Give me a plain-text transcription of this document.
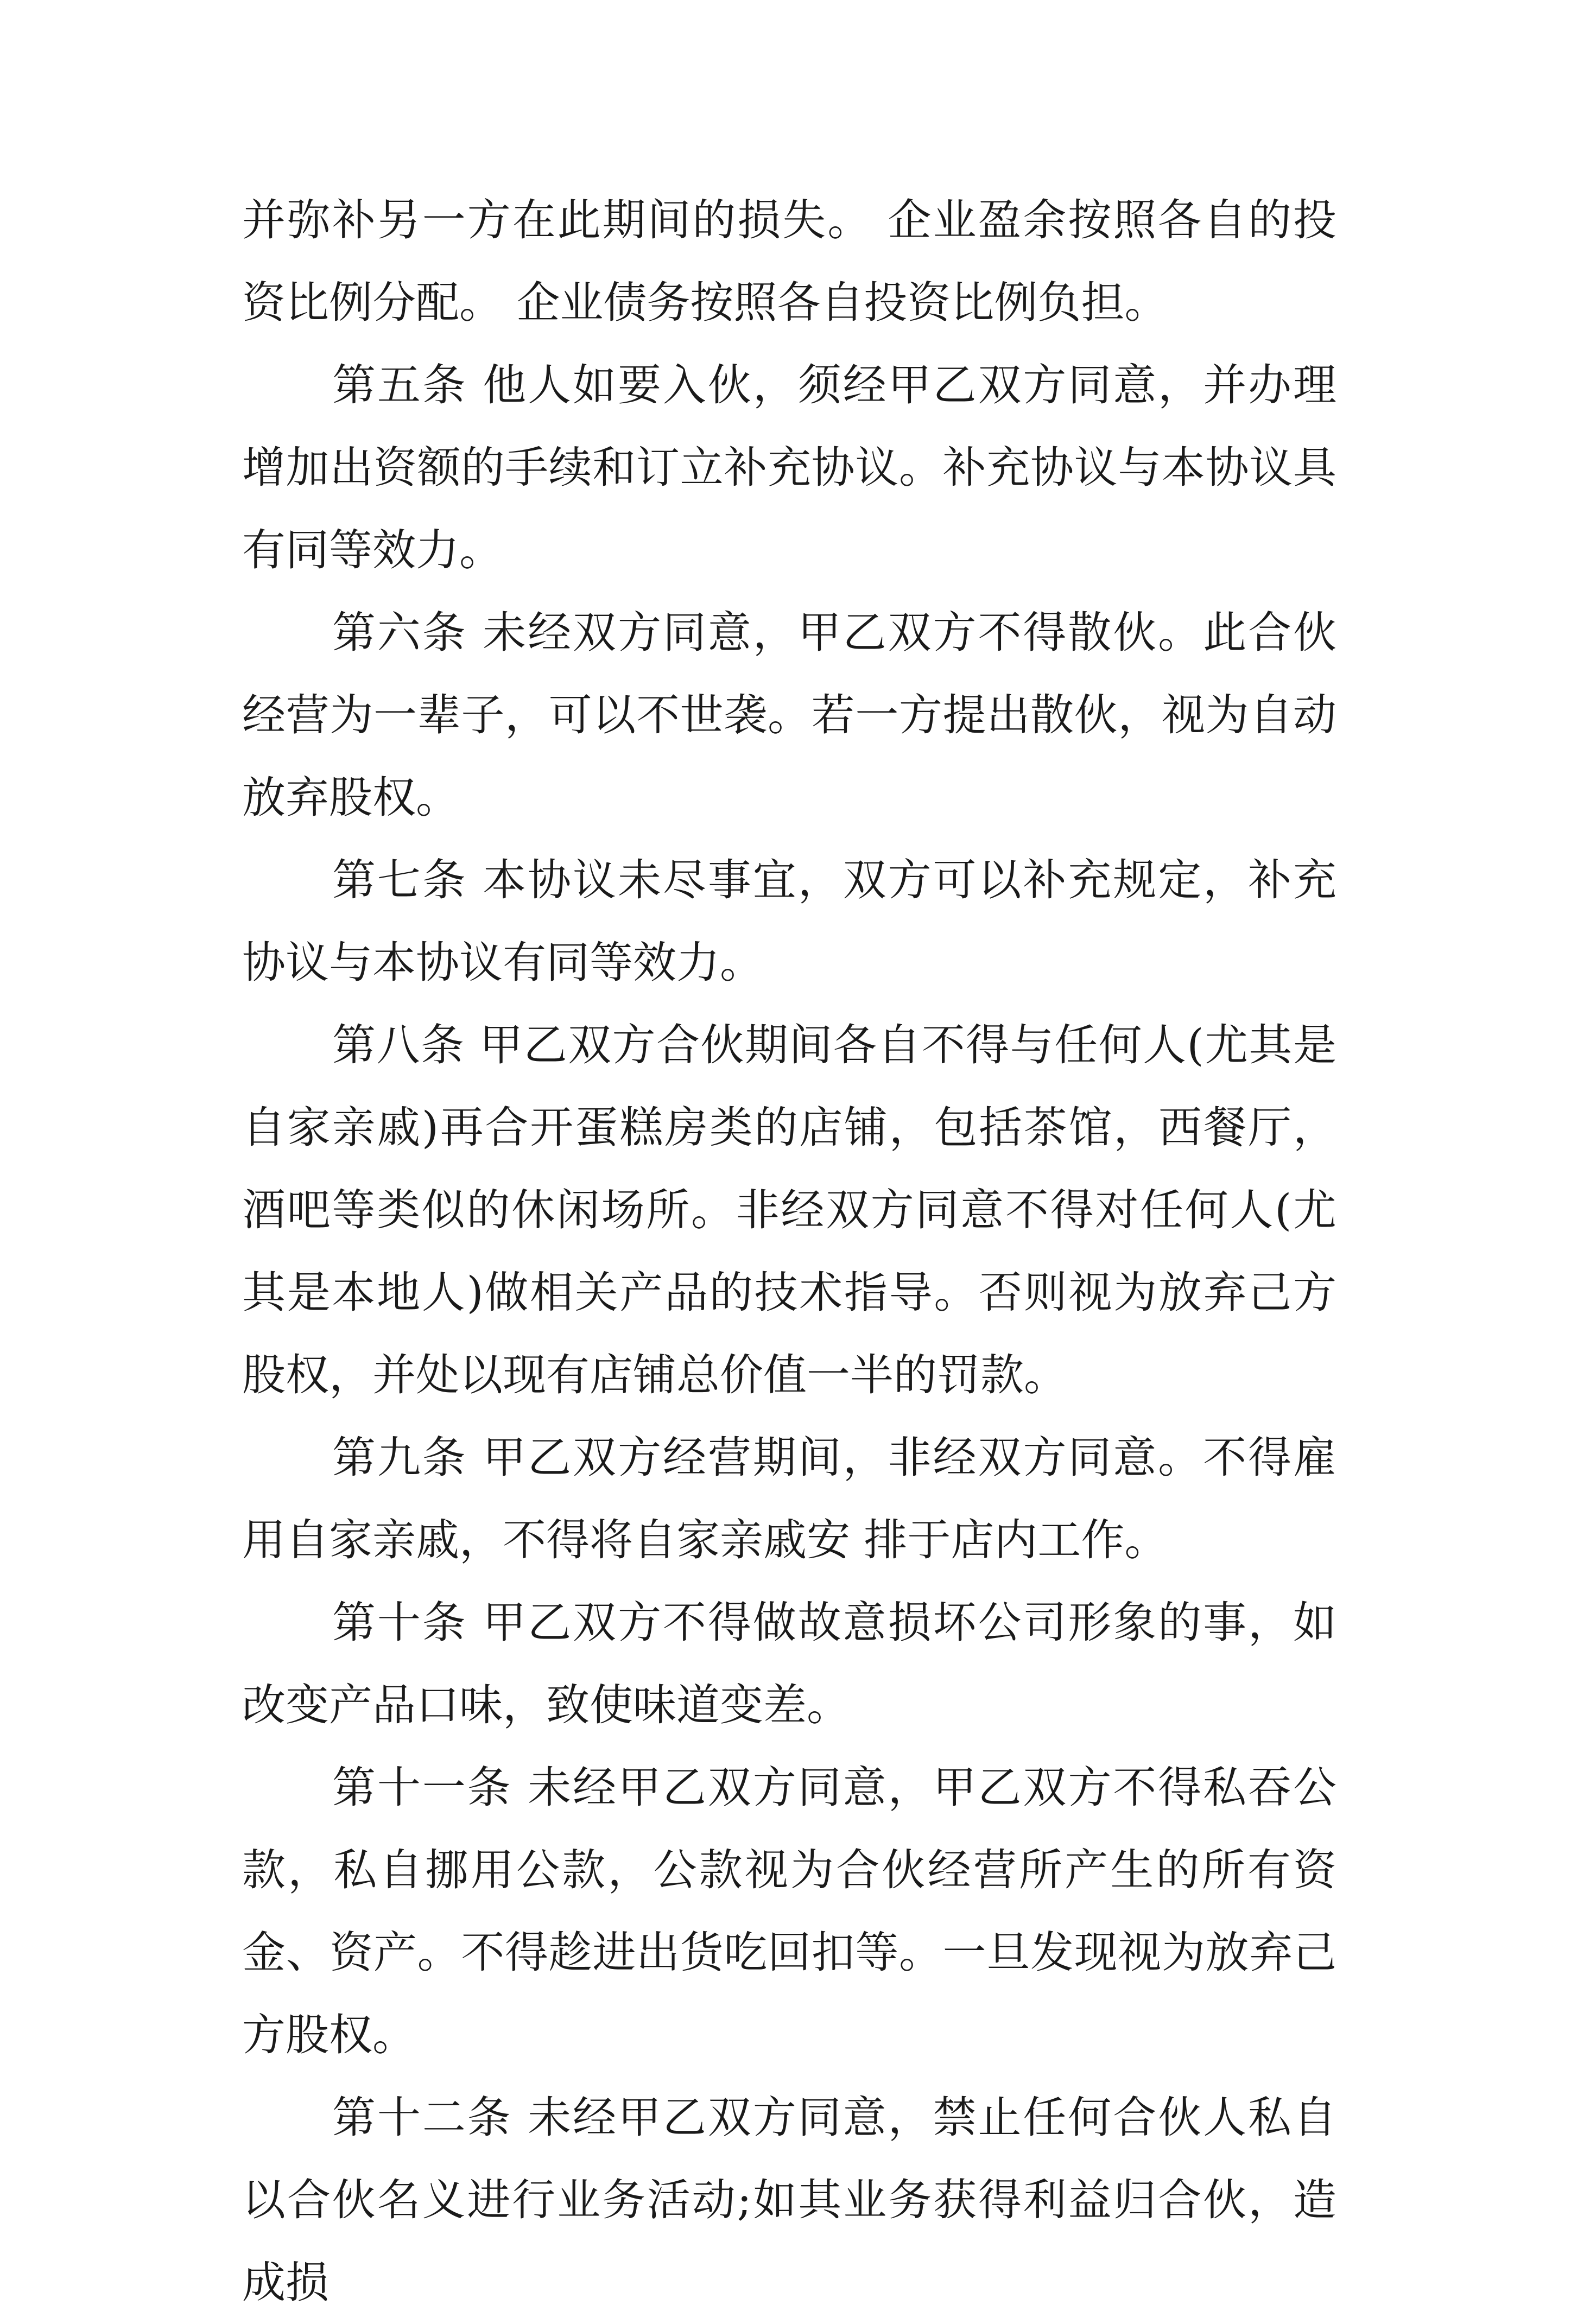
并弥补另一方在此期间的损失。 企业盈余按照各自的投资比例分配。 企业债务按照各自投资比例负担。

第五条 他人如要入伙，须经甲乙双方同意，并办理增加出资额的手续和订立补充协议。补充协议与本协议具有同等效力。

第六条 未经双方同意，甲乙双方不得散伙。此合伙经营为一辈子，可以不世袭。若一方提出散伙，视为自动放弃股权。

第七条 本协议未尽事宜，双方可以补充规定，补充协议与本协议有同等效力。

第八条 甲乙双方合伙期间各自不得与任何人(尤其是自家亲戚)再合开蛋糕房类的店铺，包括茶馆，西餐厅，酒吧等类似的休闲场所。非经双方同意不得对任何人(尤其是本地人)做相关产品的技术指导。否则视为放弃己方股权，并处以现有店铺总价值一半的罚款。

第九条 甲乙双方经营期间，非经双方同意。不得雇用自家亲戚，不得将自家亲戚安 排于店内工作。

第十条 甲乙双方不得做故意损坏公司形象的事，如改变产品口味，致使味道变差。

第十一条 未经甲乙双方同意，甲乙双方不得私吞公款，私自挪用公款，公款视为合伙经营所产生的所有资金、资产。不得趁进出货吃回扣等。一旦发现视为放弃己方股权。

第十二条 未经甲乙双方同意，禁止任何合伙人私自以合伙名义进行业务活动;如其业务获得利益归合伙，造成损
